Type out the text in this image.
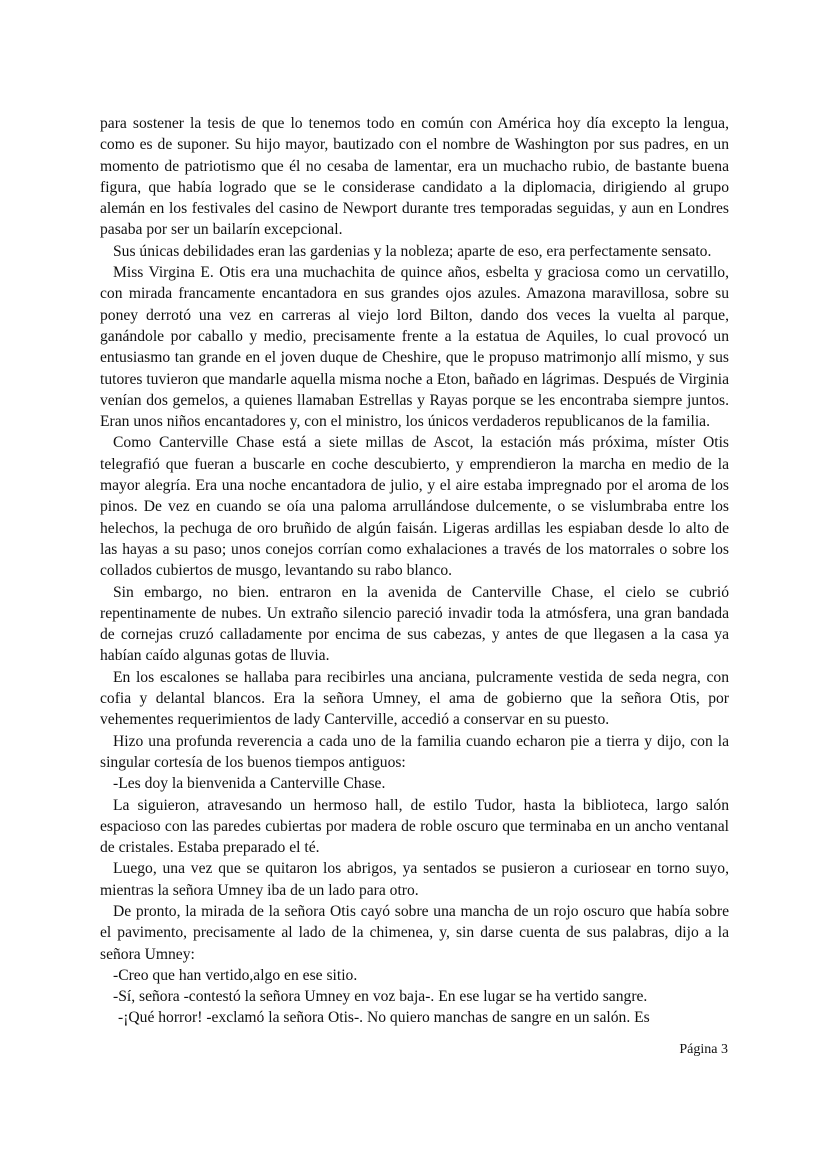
para sostener la tesis de que lo tenemos todo en común con América hoy día excepto la lengua, como es de suponer. Su hijo mayor, bautizado con el nombre de Washington por sus padres, en un momento de patriotismo que él no cesaba de lamentar, era un muchacho rubio, de bastante buena figura, que había logrado que se le considerase candidato a la diplomacia, dirigiendo al grupo alemán en los festivales del casino de Newport durante tres temporadas seguidas, y aun en Londres pasaba por ser un bailarín excepcional.

Sus únicas debilidades eran las gardenias y la nobleza; aparte de eso, era perfectamente sensato.

Miss Virgina E. Otis era una muchachita de quince años, esbelta y graciosa como un cervatillo, con mirada francamente encantadora en sus grandes ojos azules. Amazona maravillosa, sobre su poney derrotó una vez en carreras al viejo lord Bilton, dando dos veces la vuelta al parque, ganándole por caballo y medio, precisamente frente a la estatua de Aquiles, lo cual provocó un entusiasmo tan grande en el joven duque de Cheshire, que le propuso matrimonjo allí mismo, y sus tutores tuvieron que mandarle aquella misma noche a Eton, bañado en lágrimas. Después de Virginia venían dos gemelos, a quienes llamaban Estrellas y Rayas porque se les encontraba siempre juntos. Eran unos niños encantadores y, con el ministro, los únicos verdaderos republicanos de la familia.

Como Canterville Chase está a siete millas de Ascot, la estación más próxima, míster Otis telegrafió que fueran a buscarle en coche descubierto, y emprendieron la marcha en medio de la mayor alegría. Era una noche encantadora de julio, y el aire estaba impregnado por el aroma de los pinos. De vez en cuando se oía una paloma arrullándose dulcemente, o se vislumbraba entre los helechos, la pechuga de oro bruñido de algún faisán. Ligeras ardillas les espiaban desde lo alto de las hayas a su paso; unos conejos corrían como exhalaciones a través de los matorrales o sobre los collados cubiertos de musgo, levantando su rabo blanco.

Sin embargo, no bien. entraron en la avenida de Canterville Chase, el cielo se cubrió repentinamente de nubes. Un extraño silencio pareció invadir toda la atmósfera, una gran bandada de cornejas cruzó calladamente por encima de sus cabezas, y antes de que llegasen a la casa ya habían caído algunas gotas de lluvia.

En los escalones se hallaba para recibirles una anciana, pulcramente vestida de seda negra, con cofia y delantal blancos. Era la señora Umney, el ama de gobierno que la señora Otis, por vehementes requerimientos de lady Canterville, accedió a conservar en su puesto.

Hizo una profunda reverencia a cada uno de la familia cuando echaron pie a tierra y dijo, con la singular cortesía de los buenos tiempos antiguos:

-Les doy la bienvenida a Canterville Chase.

La siguieron, atravesando un hermoso hall, de estilo Tudor, hasta la biblioteca, largo salón espacioso con las paredes cubiertas por madera de roble oscuro que terminaba en un ancho ventanal de cristales. Estaba preparado el té.

Luego, una vez que se quitaron los abrigos, ya sentados se pusieron a curiosear en torno suyo, mientras la señora Umney iba de un lado para otro.

De pronto, la mirada de la señora Otis cayó sobre una mancha de un rojo oscuro que había sobre el pavimento, precisamente al lado de la chimenea, y, sin darse cuenta de sus palabras, dijo a la señora Umney:

-Creo que han vertido,algo en ese sitio.

-Sí, señora -contestó la señora Umney en voz baja-. En ese lugar se ha vertido sangre.

-¡Qué horror! -exclamó la señora Otis-. No quiero manchas de sangre en un salón. Es

Página 3
